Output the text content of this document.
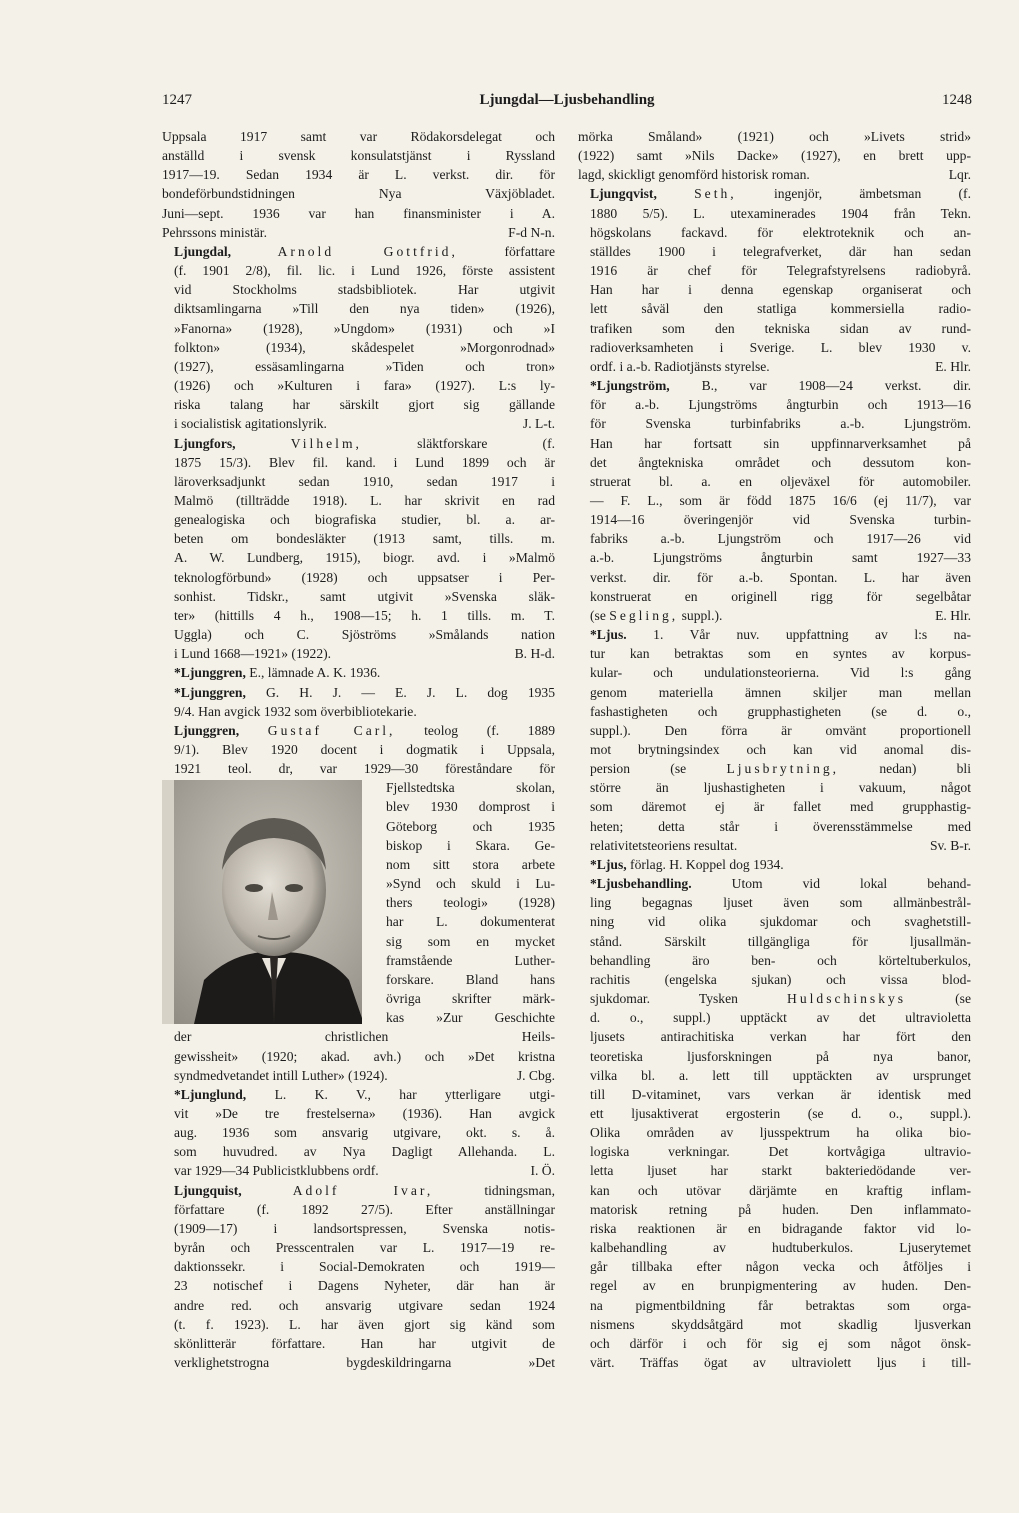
1247	Ljungdal—Ljusbehandling	1248

Uppsala 1917 samt var Rödakorsdelegat och
anställd i svensk konsulatstjänst i Ryssland
1917—19. Sedan 1934 är L. verkst. dir. för
bondeförbundstidningen Nya Växjöbladet.
Juni—sept. 1936 var han finansminister i A.
Pehrssons ministär.	F-d N-n.

Ljungdal,	Arnold Gottfrid,	författare
(f. 1901 2/8), fil. lic. i Lund 1926, förste assistent
vid Stockholms stadsbibliotek. Har utgivit
diktsamlingarna »Till den nya tiden» (1926),
»Fanorna» (1928), »Ungdom» (1931) och »I
folkton» (1934), skådespelet »Morgonrodnad»
(1927), essäsamlingarna »Tiden och tron»
(1926) och »Kulturen i fara» (1927). L:s ly-
riska talang har särskilt gjort sig gällande
i socialistisk agitationslyrik.	J. L-t.

Ljungfors,	Vilhelm,	släktforskare (f.
1875 15/3). Blev fil. kand. i Lund 1899 och är
läroverksadjunkt sedan 1910, sedan 1917 i
Malmö (tillträdde 1918). L. har skrivit en rad
genealogiska och biografiska studier, bl. a. ar-
beten om bondesläkter (1913 samt, tills. m.
A. W. Lundberg, 1915), biogr. avd. i »Malmö
teknologförbund» (1928) och uppsatser i Per-
sonhist. Tidskr., samt utgivit »Svenska släk-
ter» (hittills 4 h., 1908—15; h. 1 tills. m. T.
Uggla) och C. Sjöströms »Smålands nation
i Lund 1668—1921» (1922).	B. H-d.

*Ljunggren, E., lämnade A. K. 1936.

*Ljunggren, G. H. J. — E. J. L. dog 1935
9/4. Han avgick 1932 som överbibliotekarie.

Ljunggren, Gustaf Carl, teolog (f. 1889
9/1). Blev 1920 docent i dogmatik i Uppsala,
1921 teol. dr, var 1929—30 föreståndare för
Fjellstedtska skolan,
blev 1930 domprost i
Göteborg och 1935
biskop i Skara. Ge-
nom sitt stora arbete
»Synd och skuld i Lu-
thers teologi» (1928)
har L. dokumenterat
sig som en mycket
framstående Luther-
forskare. Bland hans
övriga skrifter märk-
kas »Zur Geschichte
der christlichen Heils-
gewissheit» (1920; akad. avh.) och »Det kristna
syndmedvetandet intill Luther» (1924).	J. Cbg.

*Ljunglund, L. K. V., har ytterligare utgi-
vit »De tre frestelserna» (1936). Han avgick
aug. 1936 som ansvarig utgivare, okt. s. å.
som huvudred. av Nya Dagligt Allehanda. L.
var 1929—34 Publicistklubbens ordf.	I. Ö.

Ljungquist,	Adolf Ivar,	tidningsman,
författare (f. 1892 27/5). Efter anställningar
(1909—17) i landsortspressen, Svenska notis-
byrån och Presscentralen var L. 1917—19 re-
daktionssekr. i Social-Demokraten och 1919—
23 notischef i Dagens Nyheter, där han är
andre red. och ansvarig utgivare sedan 1924
(t. f. 1923). L. har även gjort sig känd som
skönlitterär författare. Han har utgivit de
verklighetstrogna bygdeskildringarna »Det

mörka Småland» (1921) och »Livets strid»
(1922) samt »Nils Dacke» (1927), en brett upp-
lagd, skickligt genomförd historisk roman.	Lqr.

Ljungqvist,	Seth,	ingenjör, ämbetsman (f.
1880 5/5). L. utexaminerades 1904 från Tekn.
högskolans fackavd. för elektroteknik och an-
ställdes 1900 i telegrafverket, där han sedan
1916 är chef för Telegrafstyrelsens radiobyrå.
Han har i denna egenskap organiserat och
lett såväl den statliga kommersiella radio-
trafiken som den tekniska sidan av rund-
radioverksamheten i Sverige. L. blev 1930 v.
ordf. i a.-b. Radiotjänsts styrelse.	E. Hlr.

*Ljungström, B., var 1908—24 verkst. dir.
för a.-b. Ljungströms ångturbin och 1913—16
för Svenska turbinfabriks a.-b. Ljungström.
Han har fortsatt sin uppfinnarverksamhet på
det ångtekniska området och dessutom kon-
struerat bl. a. en oljeväxel för automobiler.
— F. L., som är född 1875 16/6 (ej 11/7), var
1914—16 överingenjör vid Svenska turbin-
fabriks a.-b. Ljungström och 1917—26 vid
a.-b. Ljungströms ångturbin samt 1927—33
verkst. dir. för a.-b. Spontan. L. har även
konstruerat en originell rigg för segelbåtar
(se Segling, suppl.).	E. Hlr.

*Ljus. 1. Vår nuv. uppfattning av l:s na-
tur kan betraktas som en syntes av korpus-
kular- och undulationsteorierna. Vid l:s gång
genom materiella ämnen skiljer man mellan
fashastigheten och grupphastigheten (se d. o.,
suppl.). Den förra är omvänt proportionell
mot brytningsindex och kan vid anomal dis-
persion (se	Ljusbrytning,	nedan) bli
större än ljushastigheten i vakuum, något
som däremot ej är fallet med grupphastig-
heten; detta står i överensstämmelse med
relativitetsteoriens resultat.	Sv. B-r.

*Ljus, förlag. H. Koppel dog 1934.

*Ljusbehandling.	Utom vid lokal behand-
ling begagnas ljuset även som allmänbestrål-
ning vid olika sjukdomar och svaghetstill-
stånd. Särskilt tillgängliga för ljusallmän-
behandling äro ben- och körteltuberkulos,
rachitis (engelska sjukan) och vissa blod-
sjukdomar. Tysken	Huldschinskys	(se
d. o., suppl.) upptäckt av det ultravioletta
ljusets antirachitiska verkan har fört den
teoretiska ljusforskningen på nya banor,
vilka bl. a. lett till upptäckten av ursprunget
till D-vitaminet, vars verkan är identisk med
ett ljusaktiverat ergosterin (se d. o., suppl.).
Olika områden av ljusspektrum ha olika bio-
logiska verkningar. Det kortvågiga ultravio-
letta ljuset har starkt bakteriedödande ver-
kan och utövar därjämte en kraftig inflam-
matorisk retning på huden. Den inflammato-
riska reaktionen är en bidragande faktor vid lo-
kalbehandling av hudtuberkulos. Ljuserytemet
går tillbaka efter någon vecka och åtföljes i
regel av en brunpigmentering av huden. Den-
na pigmentbildning får betraktas som orga-
nismens skyddsåtgärd mot skadlig ljusverkan
och därför i och för sig ej som något önsk-
värt. Träffas ögat av ultraviolett ljus i till-
